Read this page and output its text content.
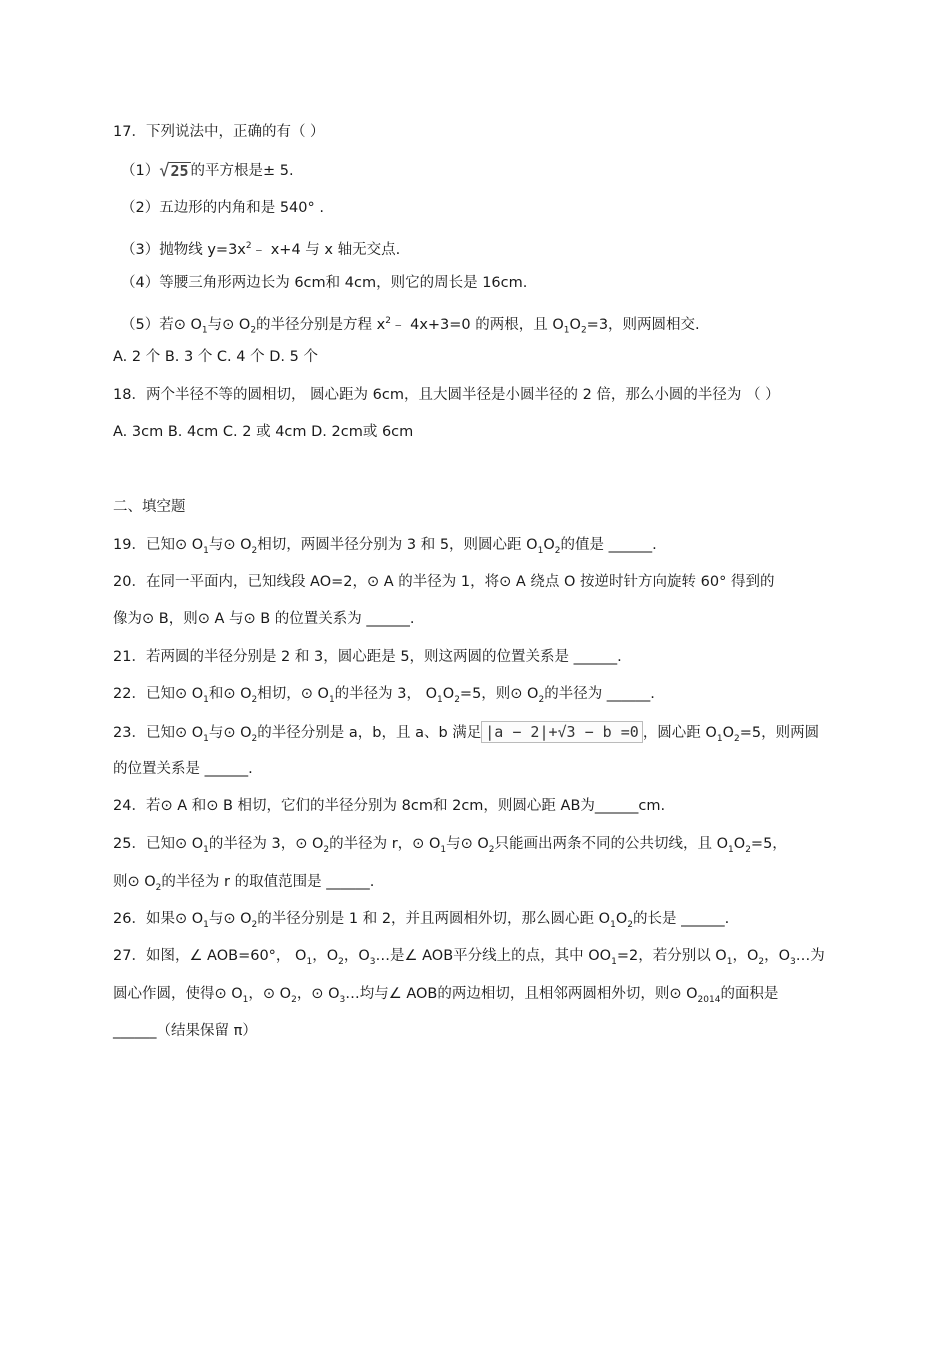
17．下列说法中，正确的有（ ）
（1）√25 的平方根是± 5.
（2）五边形的内角和是 540° .
（3）抛物线 $y=3x^2﹣$ x+4 与 x 轴无交点.
（4）等腰三角形两边长为 6cm和 4cm，则它的周长是 16cm.
（5）若⊙ $O_1$与⊙ $O_2$的半径分别是方程 $x^2﹣$ 4x+3=0 的两根，且 $O_1O_2=3$，则两圆相交.
A. 2 个 B. 3 个 C. 4 个 D. 5 个
18．两个半径不等的圆相切， 圆心距为 6cm，且大圆半径是小圆半径的 2 倍，那么小圆的半径为 （ ）
A. 3cm B. 4cm C. 2 或 4cm D. 2cm或 6cm
二、填空题
19．已知⊙ $O_1$与⊙ $O_2$相切，两圆半径分别为 3 和 5，则圆心距 $O_1O_2$的值是 ______.
20．在同一平面内，已知线段 AO=2，⊙ A 的半径为 1，将⊙ A 绕点 O 按逆时针方向旋转 60° 得到的
像为⊙ B，则⊙ A 与⊙ B 的位置关系为 ______.
21．若两圆的半径分别是 2 和 3，圆心距是 5，则这两圆的位置关系是 ______.
22．已知⊙ $O_1$和⊙ $O_2$相切，⊙ $O_1$的半径为 3， $O_1O_2=5$，则⊙ $O_2$的半径为 ______.
23．已知⊙ $O_1$与⊙ $O_2$的半径分别是 a，b，且 a、b 满足 |a − 2|+√3 − b =0 ，圆心距 $O_1O_2=5$，则两圆
的位置关系是 ______.
24．若⊙ A 和⊙ B 相切，它们的半径分别为 8cm和 2cm，则圆心距 AB为______cm.
25．已知⊙ $O_1$的半径为 3，⊙ $O_2$的半径为 r，⊙ $O_1$与⊙ $O_2$只能画出两条不同的公共切线，且 $O_1O_2=5$，
则⊙ $O_2$的半径为 r 的取值范围是 ______.
26．如果⊙ $O_1$与⊙ $O_2$的半径分别是 1 和 2，并且两圆相外切，那么圆心距 $O_1O_2$的长是 ______.
27．如图，∠ AOB=60°， $O_1$，$O_2$，$O_3\dots$是∠ AOB平分线上的点，其中 $OO_1=2$，若分别以 $O_1$，$O_2$，$O_3\dots$为
圆心作圆，使得⊙ $O_1$，⊙ $O_2$，⊙ $O_3\dots$均与∠ AOB的两边相切，且相邻两圆相外切，则⊙ $O_{2014}$的面积是
______（结果保留 π）
